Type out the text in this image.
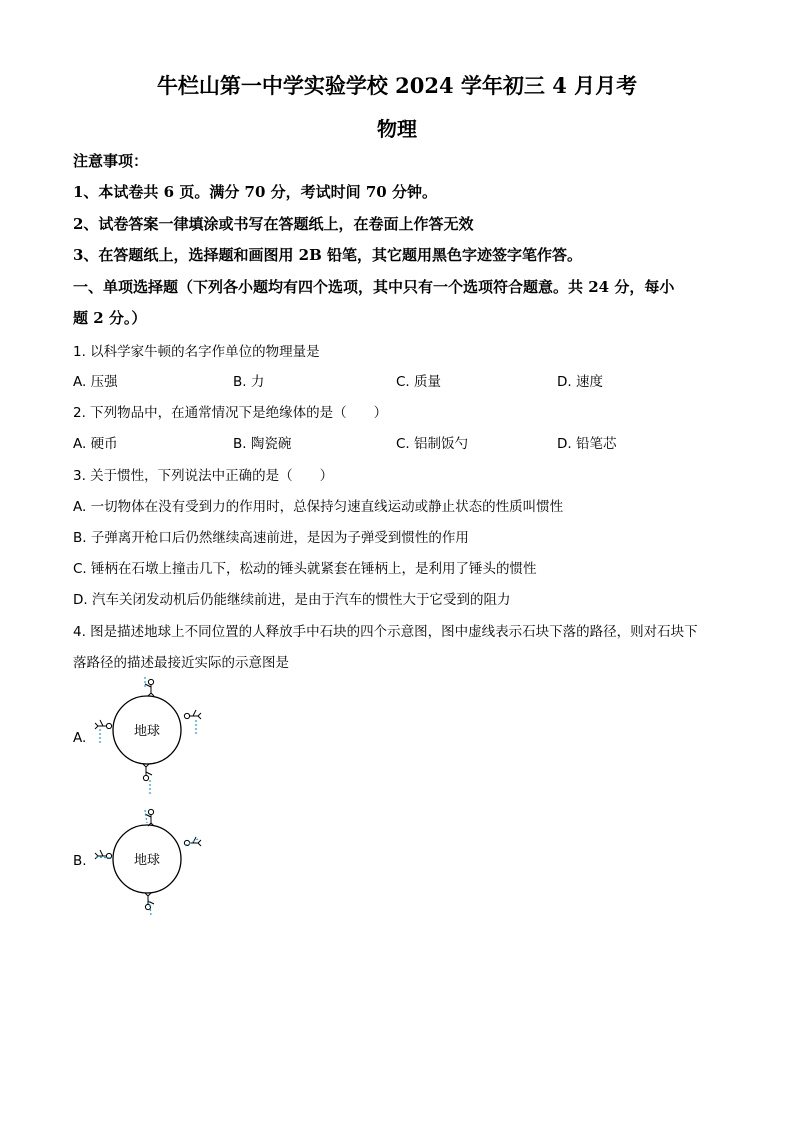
牛栏山第一中学实验学校 2024 学年初三 4 月月考
物理
注意事项：
1、本试卷共 6 页。满分 70 分，考试时间 70 分钟。
2、试卷答案一律填涂或书写在答题纸上，在卷面上作答无效
3、在答题纸上，选择题和画图用 2B 铅笔，其它题用黑色字迹签字笔作答。
一、单项选择题（下列各小题均有四个选项，其中只有一个选项符合题意。共 24 分，每小
题 2 分。）
1. 以科学家牛顿的名字作单位的物理量是
A. 压强	B. 力	C. 质量	D. 速度
2. 下列物品中，在通常情况下是绝缘体的是（　　）
A. 硬币	B. 陶瓷碗	C. 铝制饭勺	D. 铅笔芯
3. 关于惯性，下列说法中正确的是（　　）
A. 一切物体在没有受到力的作用时，总保持匀速直线运动或静止状态的性质叫惯性
B. 子弹离开枪口后仍然继续高速前进，是因为子弹受到惯性的作用
C. 锤柄在石墩上撞击几下，松动的锤头就紧套在锤柄上，是利用了锤头的惯性
D. 汽车关闭发动机后仍能继续前进，是由于汽车的惯性大于它受到的阻力
4. 图是描述地球上不同位置的人释放手中石块的四个示意图，图中虚线表示石块下落的路径，则对石块下
落路径的描述最接近实际的示意图是
A.	地球
B.	地球
